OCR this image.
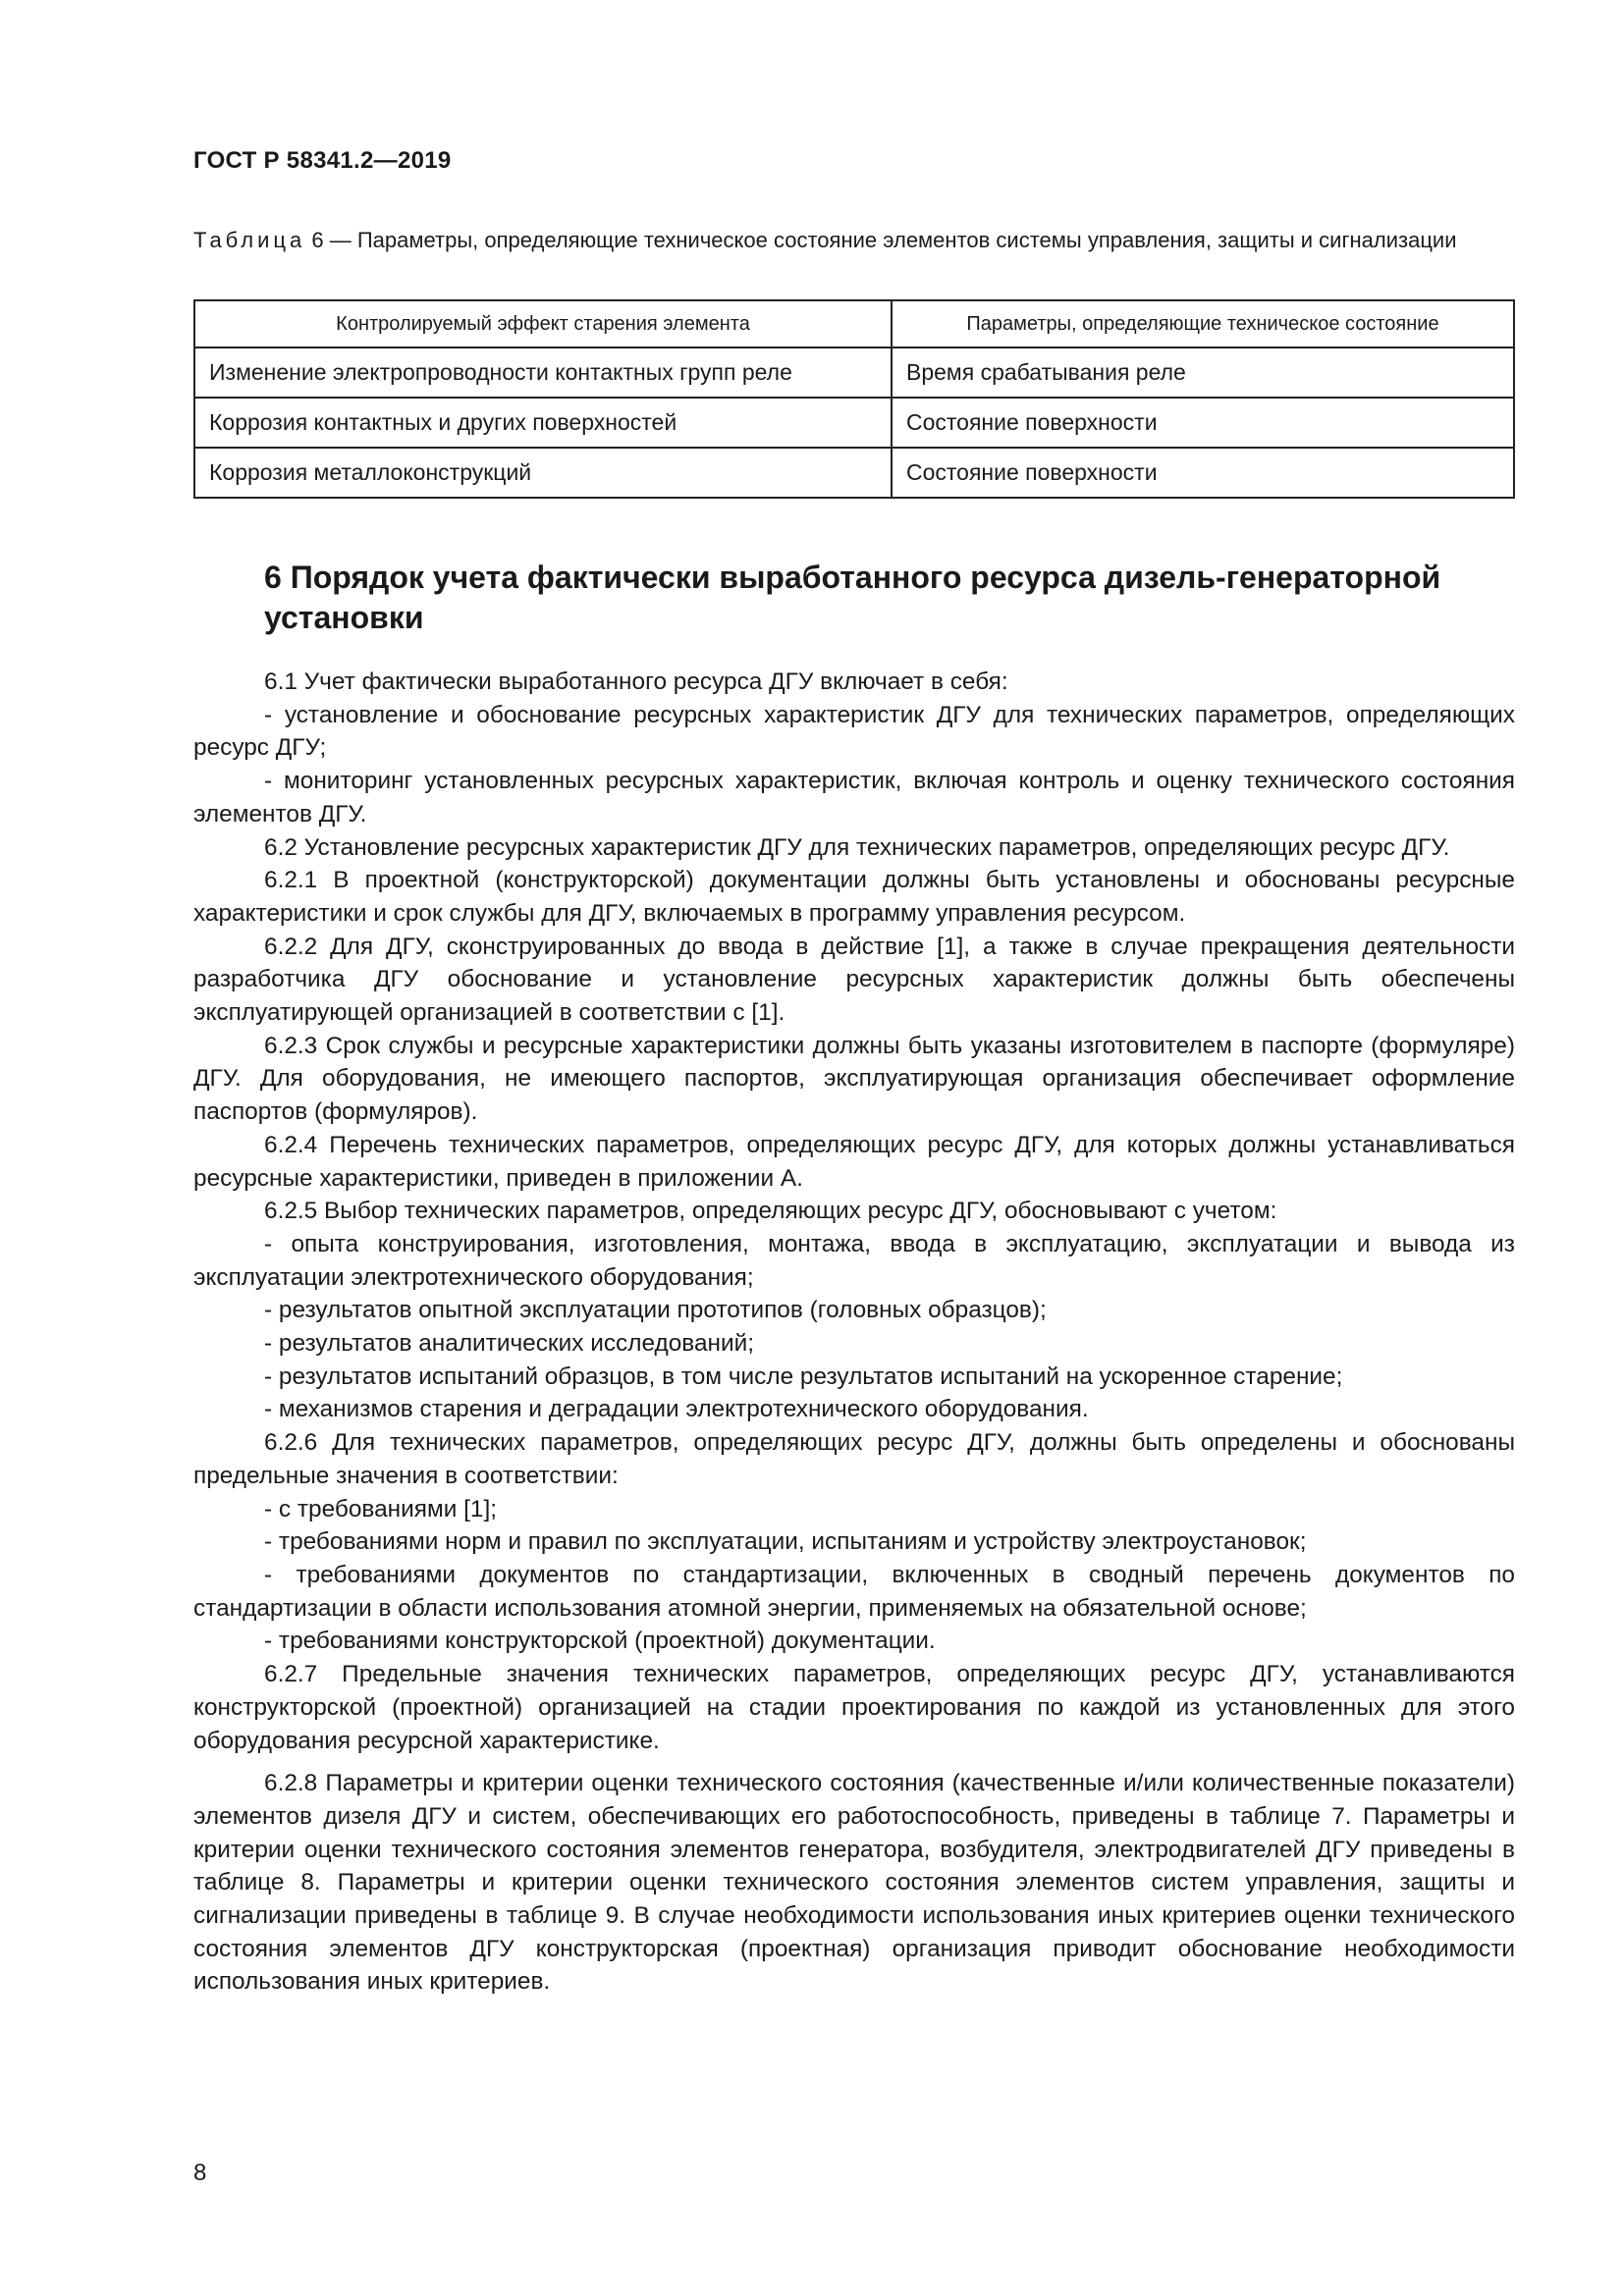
ГОСТ Р 58341.2—2019
Таблица 6 — Параметры, определяющие техническое состояние элементов системы управления, защиты и сигнализации
Контролируемый эффект старения элемента	Параметры, определяющие техническое состояние
Изменение электропроводности контактных групп реле	Время срабатывания реле
Коррозия контактных и других поверхностей	Состояние поверхности
Коррозия металлоконструкций	Состояние поверхности
6 Порядок учета фактически выработанного ресурса дизель-генераторной установки

6.1 Учет фактически выработанного ресурса ДГУ включает в себя:

- установление и обоснование ресурсных характеристик ДГУ для технических параметров, определяющих ресурс ДГУ;

- мониторинг установленных ресурсных характеристик, включая контроль и оценку технического состояния элементов ДГУ.

6.2 Установление ресурсных характеристик ДГУ для технических параметров, определяющих ресурс ДГУ.

6.2.1 В проектной (конструкторской) документации должны быть установлены и обоснованы ресурсные характеристики и срок службы для ДГУ, включаемых в программу управления ресурсом.

6.2.2 Для ДГУ, сконструированных до ввода в действие [1], а также в случае прекращения деятельности разработчика ДГУ обоснование и установление ресурсных характеристик должны быть обеспечены эксплуатирующей организацией в соответствии с [1].

6.2.3 Срок службы и ресурсные характеристики должны быть указаны изготовителем в паспорте (формуляре) ДГУ. Для оборудования, не имеющего паспортов, эксплуатирующая организация обеспечивает оформление паспортов (формуляров).

6.2.4 Перечень технических параметров, определяющих ресурс ДГУ, для которых должны устанавливаться ресурсные характеристики, приведен в приложении А.

6.2.5 Выбор технических параметров, определяющих ресурс ДГУ, обосновывают с учетом:

- опыта конструирования, изготовления, монтажа, ввода в эксплуатацию, эксплуатации и вывода из эксплуатации электротехнического оборудования;

- результатов опытной эксплуатации прототипов (головных образцов);

- результатов аналитических исследований;

- результатов испытаний образцов, в том числе результатов испытаний на ускоренное старение;

- механизмов старения и деградации электротехнического оборудования.

6.2.6 Для технических параметров, определяющих ресурс ДГУ, должны быть определены и обоснованы предельные значения в соответствии:

- с требованиями [1];

- требованиями норм и правил по эксплуатации, испытаниям и устройству электроустановок;

- требованиями документов по стандартизации, включенных в сводный перечень документов по стандартизации в области использования атомной энергии, применяемых на обязательной основе;

- требованиями конструкторской (проектной) документации.

6.2.7 Предельные значения технических параметров, определяющих ресурс ДГУ, устанавливаются конструкторской (проектной) организацией на стадии проектирования по каждой из установленных для этого оборудования ресурсной характеристике.

6.2.8 Параметры и критерии оценки технического состояния (качественные и/или количественные показатели) элементов дизеля ДГУ и систем, обеспечивающих его работоспособность, приведены в таблице 7. Параметры и критерии оценки технического состояния элементов генератора, возбудителя, электродвигателей ДГУ приведены в таблице 8. Параметры и критерии оценки технического состояния элементов систем управления, защиты и сигнализации приведены в таблице 9. В случае необходимости использования иных критериев оценки технического состояния элементов ДГУ конструкторская (проектная) организация приводит обоснование необходимости использования иных критериев.

8
